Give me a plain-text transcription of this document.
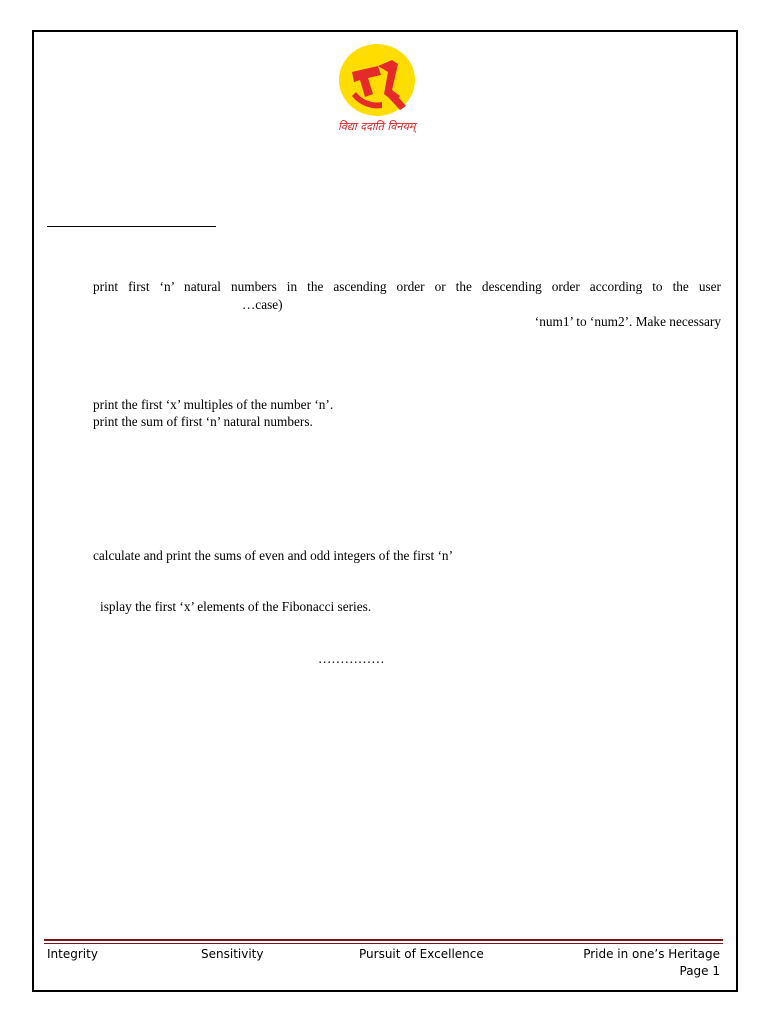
विद्या ददाति विनयम्
print first ‘n’ natural numbers in the ascending order or the descending order according to the user
…case)
‘num1’ to ‘num2’. Make necessary
print the first ‘x’ multiples of the number ‘n’.
print the sum of first ‘n’ natural numbers.
calculate and print the sums of even and odd integers of the first ‘n’
isplay the first ‘x’ elements of the Fibonacci series.
……………
Integrity	Sensitivity	Pursuit of Excellence	Pride in one’s Heritage
Page 1
